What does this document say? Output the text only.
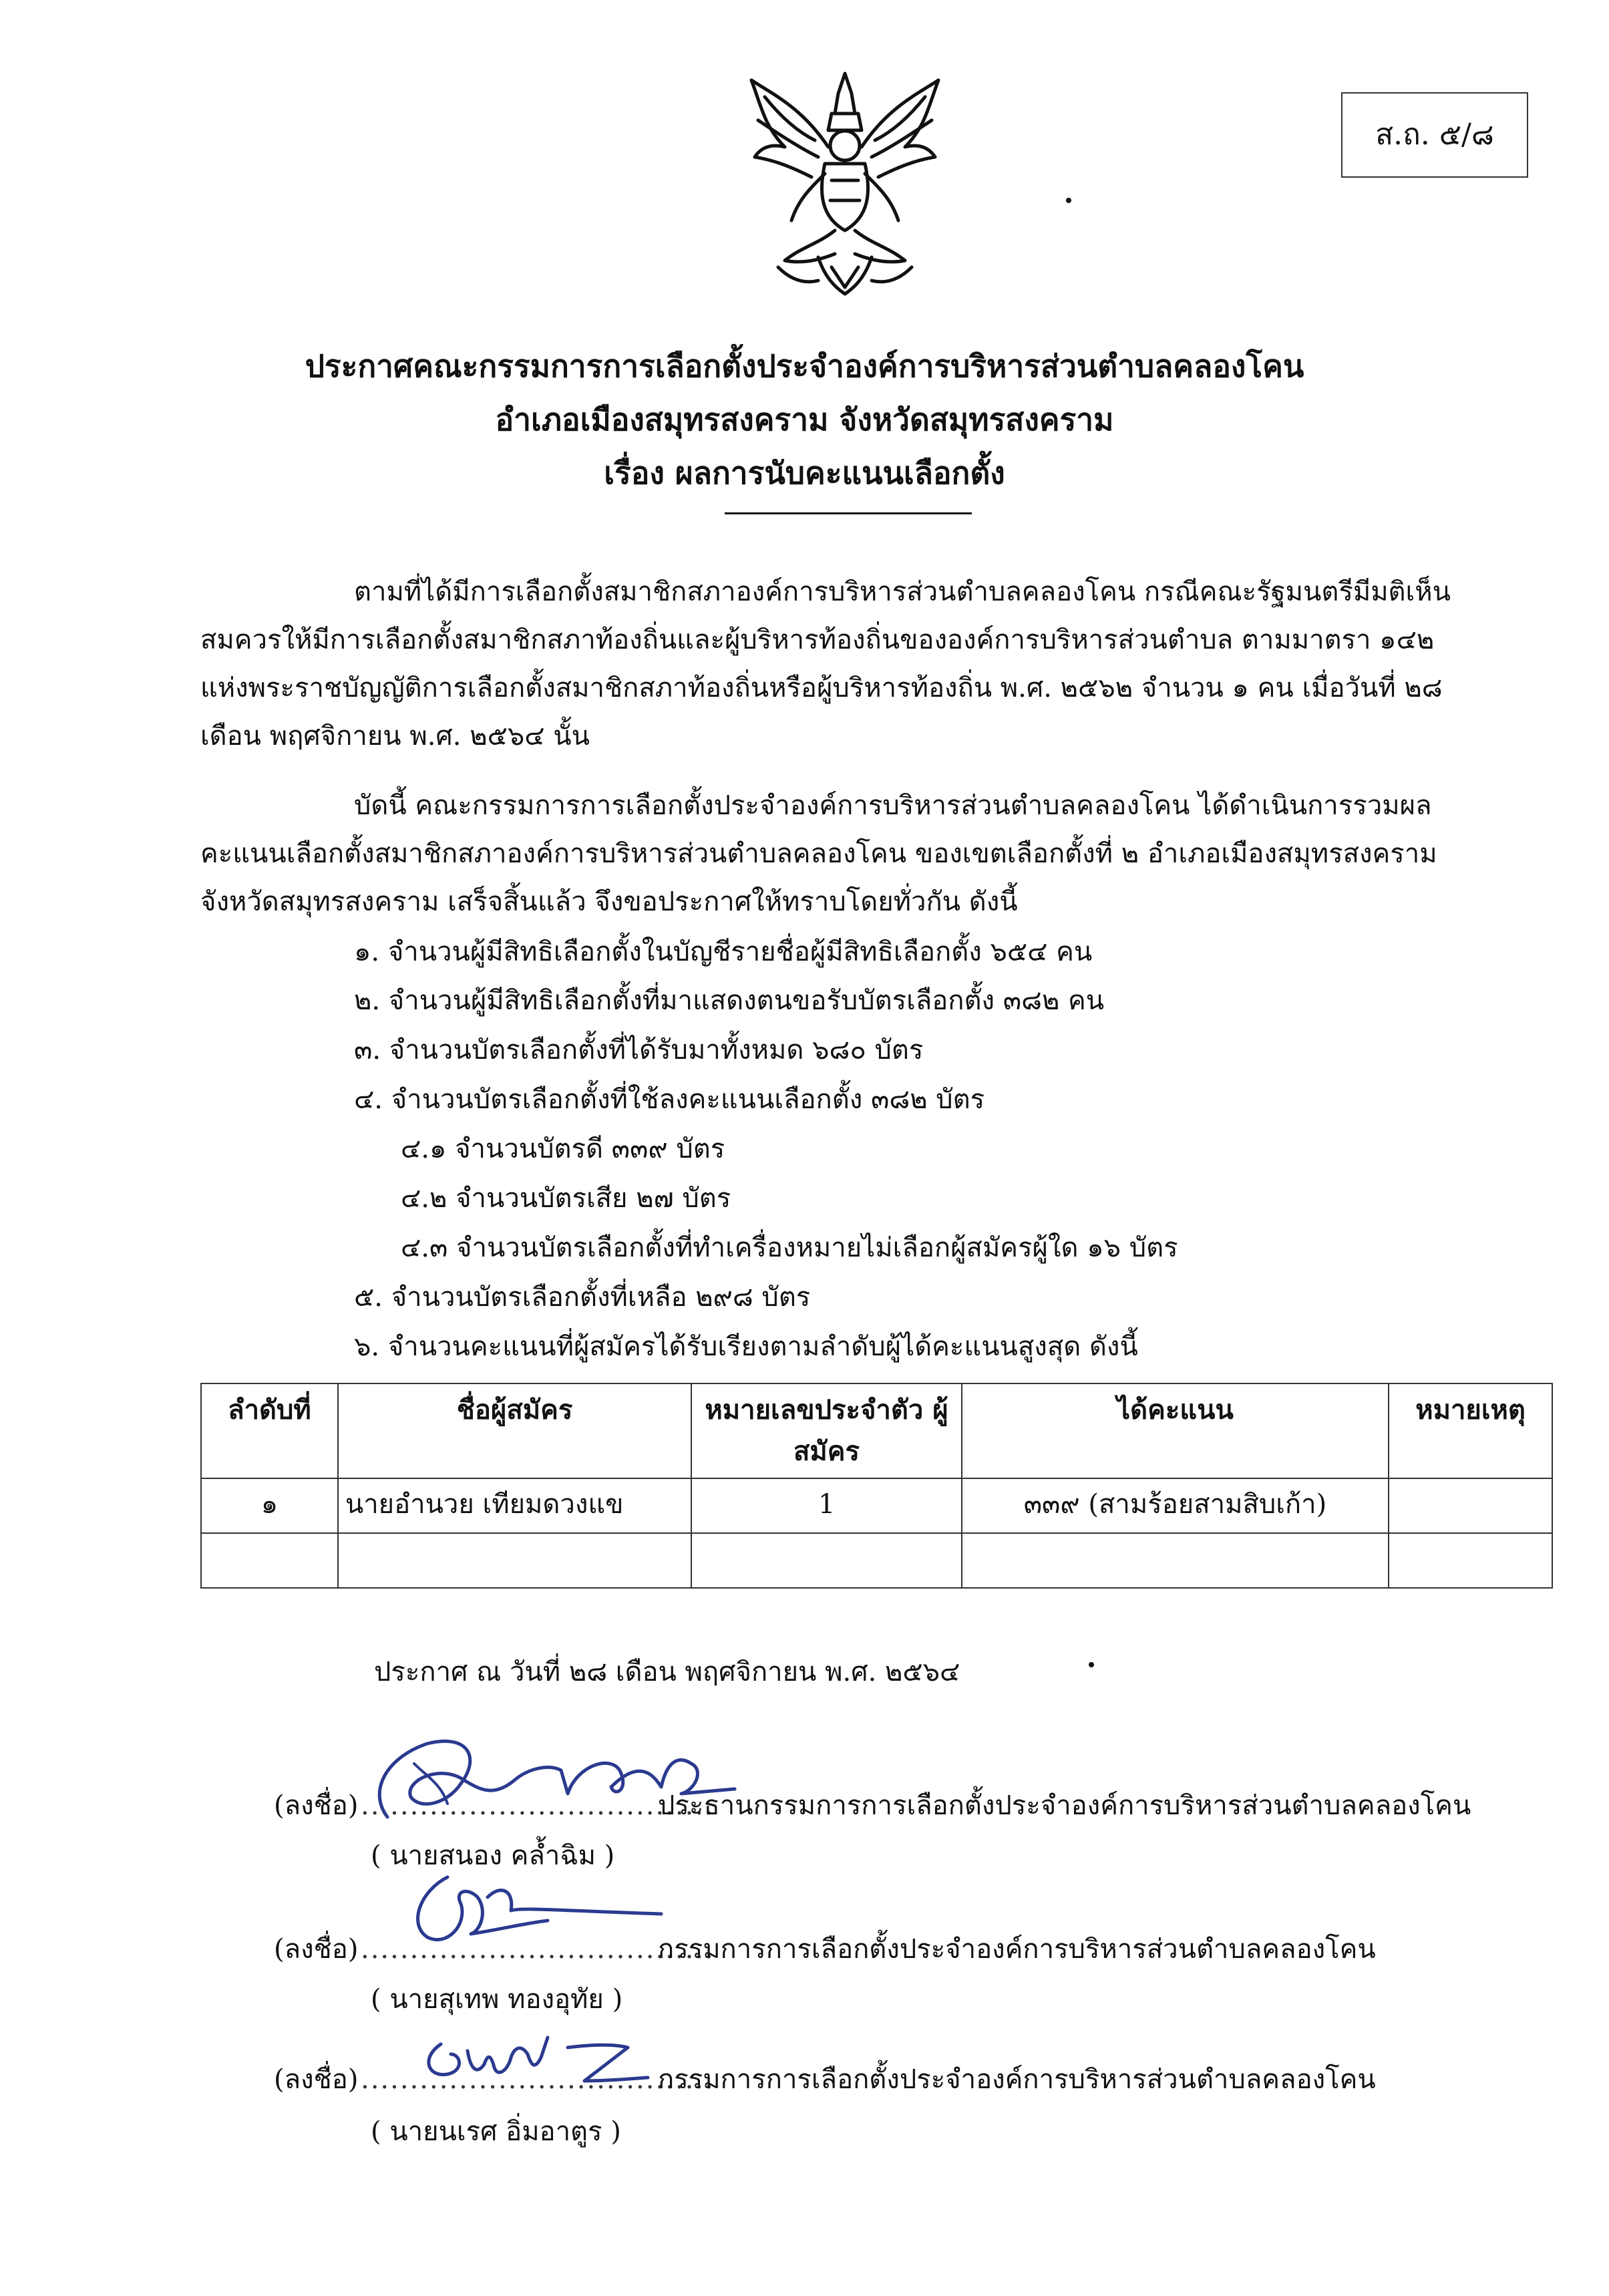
ส.ถ. ๕/๘
ประกาศคณะกรรมการการเลือกตั้งประจำองค์การบริหารส่วนตำบลคลองโคน
อำเภอเมืองสมุทรสงคราม จังหวัดสมุทรสงคราม
เรื่อง ผลการนับคะแนนเลือกตั้ง
ตามที่ได้มีการเลือกตั้งสมาชิกสภาองค์การบริหารส่วนตำบลคลองโคน กรณีคณะรัฐมนตรีมีมติเห็นสมควรให้มีการเลือกตั้งสมาชิกสภาท้องถิ่นและผู้บริหารท้องถิ่นขององค์การบริหารส่วนตำบล ตามมาตรา ๑๔๒ แห่งพระราชบัญญัติการเลือกตั้งสมาชิกสภาท้องถิ่นหรือผู้บริหารท้องถิ่น พ.ศ. ๒๕๖๒ จำนวน ๑ คน เมื่อวันที่ ๒๘ เดือน พฤศจิกายน พ.ศ. ๒๕๖๔ นั้น
บัดนี้ คณะกรรมการการเลือกตั้งประจำองค์การบริหารส่วนตำบลคลองโคน ได้ดำเนินการรวมผลคะแนนเลือกตั้งสมาชิกสภาองค์การบริหารส่วนตำบลคลองโคน ของเขตเลือกตั้งที่ ๒ อำเภอเมืองสมุทรสงคราม จังหวัดสมุทรสงคราม เสร็จสิ้นแล้ว จึงขอประกาศให้ทราบโดยทั่วกัน ดังนี้
๑. จำนวนผู้มีสิทธิเลือกตั้งในบัญชีรายชื่อผู้มีสิทธิเลือกตั้ง ๖๕๔ คน
๒. จำนวนผู้มีสิทธิเลือกตั้งที่มาแสดงตนขอรับบัตรเลือกตั้ง ๓๘๒ คน
๓. จำนวนบัตรเลือกตั้งที่ได้รับมาทั้งหมด ๖๘๐ บัตร
๔. จำนวนบัตรเลือกตั้งที่ใช้ลงคะแนนเลือกตั้ง ๓๘๒ บัตร
๔.๑ จำนวนบัตรดี ๓๓๙ บัตร
๔.๒ จำนวนบัตรเสีย ๒๗ บัตร
๔.๓ จำนวนบัตรเลือกตั้งที่ทำเครื่องหมายไม่เลือกผู้สมัครผู้ใด ๑๖ บัตร
๕. จำนวนบัตรเลือกตั้งที่เหลือ ๒๙๘ บัตร
๖. จำนวนคะแนนที่ผู้สมัครได้รับเรียงตามลำดับผู้ได้คะแนนสูงสุด ดังนี้
ลำดับที่	ชื่อผู้สมัคร	หมายเลขประจำตัว ผู้สมัคร	ได้คะแนน	หมายเหตุ
๑	นายอำนวย เทียมดวงแข	1	๓๓๙ (สามร้อยสามสิบเก้า)	

ประกาศ ณ วันที่ ๒๘ เดือน พฤศจิกายน พ.ศ. ๒๕๖๔
(ลงชื่อ)....................................ประธานกรรมการการเลือกตั้งประจำองค์การบริหารส่วนตำบลคลองโคน
( นายสนอง คล้ำฉิม )
(ลงชื่อ)....................................กรรมการการเลือกตั้งประจำองค์การบริหารส่วนตำบลคลองโคน
( นายสุเทพ ทองอุทัย )
(ลงชื่อ)....................................กรรมการการเลือกตั้งประจำองค์การบริหารส่วนตำบลคลองโคน
( นายนเรศ อิ่มอาตูร )
